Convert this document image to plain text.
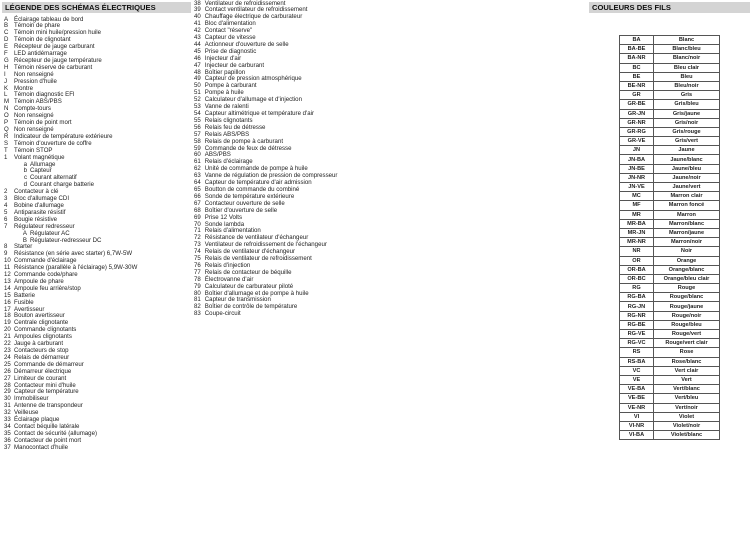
LÉGENDE DES SCHÉMAS ÉLECTRIQUES	COULEURS DES FILS
A Éclairage tableau de bord
B Témoin de phare
C Témoin mini huile/pression huile
D Témoin de clignotant
E Récepteur de jauge carburant
F	LED antidémarrage
G Récepteur de jauge température
H Témoin réserve de carburant
I	Non renseigné
J	Pression d'huile
K Montre
L	Témoin diagnostic EFI
M Témoin ABS/PBS
N Compte-tours
O Non renseigné
P Témoin de point mort
Q Non renseigné
R Indicateur de température extérieure
S Témoin d'ouverture de coffre
T	Témoin STOP
1	Volant magnétique
a Allumage
b Capteur
c Courant alternatif
d Courant charge batterie
2	Contacteur à clé
3	Bloc d'allumage CDI
4	Bobine d'allumage
5	Antiparasite résistif
6	Bougie résistive
7	Régulateur redresseur
A Régulateur AC
B Régulateur-redresseur DC
8	Starter
9	Résistance (en série avec starter) 6,7W-5W
10 Commande d'éclairage
11 Résistance (parallèle à l'éclairage) 5,9W-30W
12 Commande code/phare
13 Ampoule de phare
14 Ampoule feu arrière/stop
15 Batterie
16 Fusible
17 Avertisseur
18 Bouton avertisseur
19 Centrale clignotante
20 Commande clignotants
21 Ampoules clignotants
22 Jauge à carburant
23 Contacteurs de stop
24 Relais de démarreur
25 Commande de démarreur
26 Démarreur électrique
27 Limiteur de courant
28 Contacteur mini d'huile
29 Capteur de température
30 Immobiliseur
31 Antenne de transpondeur
32 Veilleuse
33 Éclairage plaque
34 Contact béquille latérale
35 Contact de sécurité (allumage)
36 Contacteur de point mort
37 Manocontact d'huile
38 Ventilateur de refroidissement
39 Contact ventilateur de refroidissement
40 Chauffage électrique de carburateur
41 Bloc d'alimentation
42 Contact "réserve"
43 Capteur de vitesse
44 Actionneur d'ouverture de selle
45 Prise de diagnostic
46 Injecteur d'air
47 Injecteur de carburant
48 Boîtier papillon
49 Capteur de pression atmosphérique
50 Pompe à carburant
51 Pompe à huile
52 Calculateur d'allumage et d'injection
53 Vanne de ralenti
54 Capteur altimétrique et température d'air
55 Relais clignotants
56 Relais feu de détresse
57 Relais ABS/PBS
58 Relais de pompe à carburant
59 Commande de feux de détresse
60 ABS/PBS
61 Relais d'éclairage
62 Unité de commande de pompe à huile
63 Vanne de régulation de pression de compresseur
64 Capteur de température d'air admission
65 Boutton de commande du combiné
66 Sonde de température extérieure
67 Contacteur ouverture de selle
68 Boîtier d'ouverture de selle
69 Prise 12 Volts
70 Sonde lambda
71 Relais d'alimentation
72 Résistance de ventilateur d'échangeur
73 Ventilateur de refroidissement de l'échangeur
74 Relais de ventilateur d'échangeur
75 Relais de ventilateur de refroidissement
76 Relais d'injection
77 Relais de contacteur de béquille
78 Électrovanne d'air
79 Calculateur de carburateur piloté
80 Boîtier d'allumage et de pompe à huile
81 Capteur de transmission
82 Boîtier de contrôle de température
83 Coupe-circuit
BA	Blanc
BA-BE	Blanc/bleu
BA-NR	Blanc/noir
BC	Bleu clair
BE	Bleu
BE-NR	Bleu/noir
GR	Gris
GR-BE	Gris/bleu
GR-JN	Gris/jaune
GR-NR	Gris/noir
GR-RG	Gris/rouge
GR-VE	Gris/vert
JN	Jaune
JN-BA	Jaune/blanc
JN-BE	Jaune/bleu
JN-NR	Jaune/noir
JN-VE	Jaune/vert
MC	Marron clair
MF	Marron foncé
MR	Marron
MR-BA	Marron/blanc
MR-JN	Marron/jaune
MR-NR	Marron/noir
NR	Noir
OR	Orange
OR-BA	Orange/blanc
OR-BC	Orange/bleu clair
RG	Rouge
RG-BA	Rouge/blanc
RG-JN	Rouge/jaune
RG-NR	Rouge/noir
RG-BE	Rouge/bleu
RG-VE	Rouge/vert
RG-VC	Rouge/vert clair
RS	Rose
RS-BA	Rose/blanc
VC	Vert clair
VE	Vert
VE-BA	Vert/blanc
VE-BE	Vert/bleu
VE-NR	Vert/noir
VI	Violet
VI-NR	Violet/noir
VI-BA	Violet/blanc
